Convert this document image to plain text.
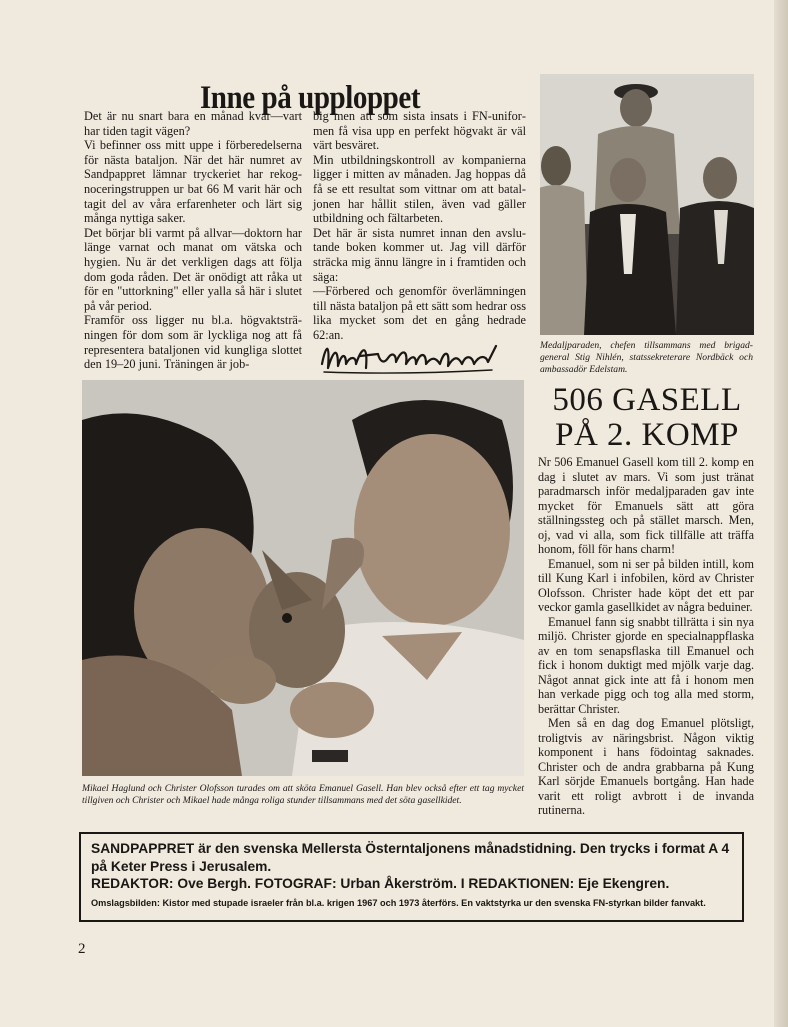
Inne på upploppet

Det är nu snart bara en månad kvar—vart har tiden tagit vägen?

Vi befinner oss mitt uppe i förberedelserna för nästa bataljon. När det här numret av Sandpappret lämnar tryckeriet har rekognoceringstruppen ur bat 66 M varit här och tagit del av våra erfarenheter och lärt sig många nyttiga saker.

Det börjar bli varmt på allvar—doktorn har länge varnat och manat om vätska och hygien. Nu är det verkligen dags att följa dom goda råden. Det är onödigt att råka ut för en "uttorkning" eller yalla så här i slutet på vår period.

Framför oss ligger nu bl.a. högvaktsträningen för dom som är lyckliga nog att få representera bataljonen vid kungliga slottet den 19–20 juni. Träningen är job-

big men att som sista insats i FN-uniformen få visa upp en perfekt högvakt är väl värt besväret.

Min utbildningskontroll av kompanierna ligger i mitten av månaden. Jag hoppas då få se ett resultat som vittnar om att bataljonen har hållit stilen, även vad gäller utbildning och fältarbeten.

Det här är sista numret innan den avslutande boken kommer ut. Jag vill därför sträcka mig ännu längre in i framtiden och säga:

—Förbered och genomför överlämningen till nästa bataljon på ett sätt som hedrar oss lika mycket som det en gång hedrade 62:an.

Medaljparaden, chefen tillsammans med brigadgeneral Stig Nihlén, statssekreterare Nordbäck och ambassadör Edelstam.
Mikael Haglund och Christer Olofsson turades om att sköta Emanuel Gasell. Han blev också efter ett tag mycket tillgiven och Christer och Mikael hade många roliga stunder tillsammans med det söta gasellkidet.
506 GASELL
PÅ 2. KOMP

Nr 506 Emanuel Gasell kom till 2. komp en dag i slutet av mars. Vi som just tränat paradmarsch inför medaljparaden gav inte mycket för Emanuels sätt att göra ställningssteg och på stället marsch. Men, oj, vad vi alla, som fick tillfälle att träffa honom, föll för hans charm!

Emanuel, som ni ser på bilden intill, kom till Kung Karl i infobilen, körd av Christer Olofsson. Christer hade köpt det ett par veckor gamla gasellkidet av några beduiner.

Emanuel fann sig snabbt tillrätta i sin nya miljö. Christer gjorde en specialnappflaska av en tom senapsflaska till Emanuel och fick i honom duktigt med mjölk varje dag. Något annat gick inte att få i honom men han verkade pigg och tog alla med storm, berättar Christer.

Men så en dag dog Emanuel plötsligt, troligtvis av näringsbrist. Någon viktig komponent i hans födointag saknades. Christer och de andra grabbarna på Kung Karl sörjde Emanuels bortgång. Han hade varit ett roligt avbrott i de invanda rutinerna.

SANDPAPPRET är den svenska Mellersta Österntaljonens månadstidning. Den trycks i format A 4 på Keter Press i Jerusalem.
REDAKTOR: Ove Bergh. FOTOGRAF: Urban Åkerström. I REDAKTIONEN: Eje Ekengren.
Omslagsbilden: Kistor med stupade israeler från bl.a. krigen 1967 och 1973 återförs. En vaktstyrka ur den svenska FN-styrkan bilder fanvakt.
2
